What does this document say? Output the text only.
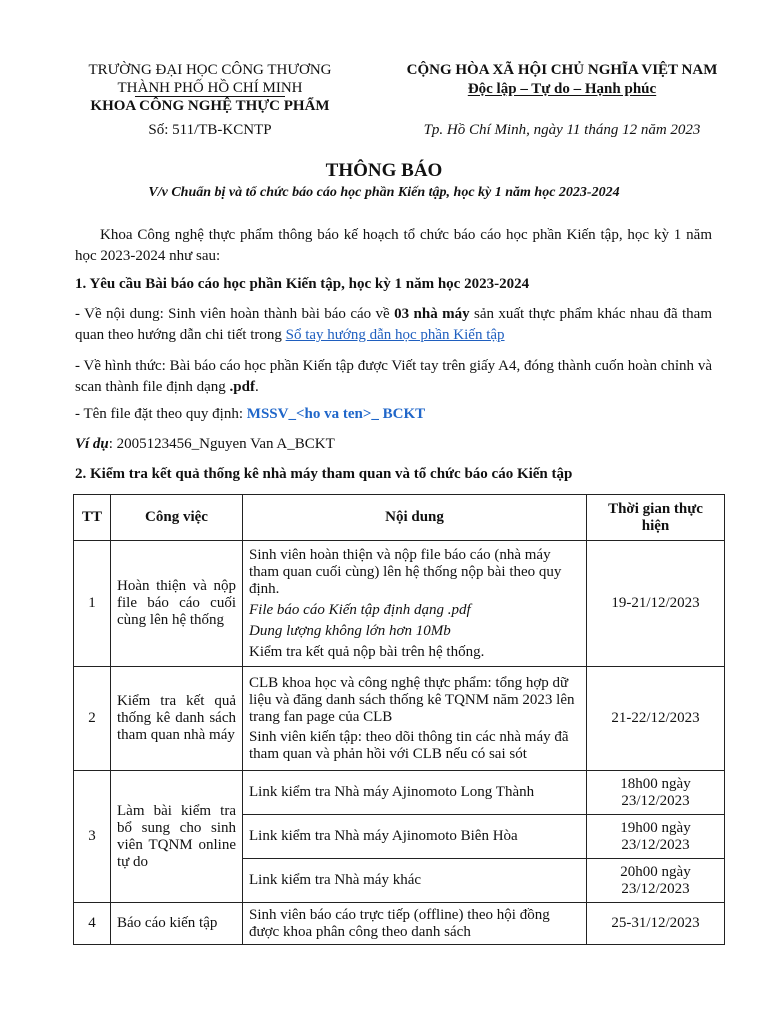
TRƯỜNG ĐẠI HỌC CÔNG THƯƠNG
THÀNH PHỐ HỒ CHÍ MINH
KHOA CÔNG NGHỆ THỰC PHẨM
Số: 511/TB-KCNTP
CỘNG HÒA XÃ HỘI CHỦ NGHĨA VIỆT NAM
Độc lập – Tự do – Hạnh phúc
Tp. Hồ Chí Minh, ngày 11 tháng 12 năm 2023
THÔNG BÁO
V/v Chuẩn bị và tổ chức báo cáo học phần Kiến tập, học kỳ 1 năm học 2023-2024
Khoa Công nghệ thực phẩm thông báo kế hoạch tổ chức báo cáo học phần Kiến tập, học kỳ 1 năm học 2023-2024 như sau:
1. Yêu cầu Bài báo cáo học phần Kiến tập, học kỳ 1 năm học 2023-2024
- Về nội dung: Sinh viên hoàn thành bài báo cáo về 03 nhà máy sản xuất thực phẩm khác nhau đã tham quan theo hướng dẫn chi tiết trong Sổ tay hướng dẫn học phần Kiến tập
- Về hình thức: Bài báo cáo học phần Kiến tập được Viết tay trên giấy A4, đóng thành cuốn hoàn chỉnh và scan thành file định dạng .pdf.
- Tên file đặt theo quy định: MSSV_<ho va ten>_ BCKT
Ví dụ: 2005123456_Nguyen Van A_BCKT
2. Kiểm tra kết quả thống kê nhà máy tham quan và tổ chức báo cáo Kiến tập
TT	Công việc	Nội dung	Thời gian thực hiện
1	Hoàn thiện và nộp file báo cáo cuối cùng lên hệ thống	Sinh viên hoàn thiện và nộp file báo cáo (nhà máy tham quan cuối cùng) lên hệ thống nộp bài theo quy định.
File báo cáo Kiến tập định dạng .pdf
Dung lượng không lớn hơn 10Mb
Kiểm tra kết quả nộp bài trên hệ thống.	19-21/12/2023
2	Kiểm tra kết quả thống kê danh sách tham quan nhà máy	CLB khoa học và công nghệ thực phẩm: tổng hợp dữ liệu và đăng danh sách thống kê TQNM năm 2023 lên trang fan page của CLB
Sinh viên kiến tập: theo dõi thông tin các nhà máy đã tham quan và phản hồi với CLB nếu có sai sót	21-22/12/2023
3	Làm bài kiểm tra bổ sung cho sinh viên TQNM online tự do	Link kiểm tra Nhà máy Ajinomoto Long Thành	18h00 ngày
23/12/2023

		Link kiểm tra Nhà máy Ajinomoto Biên Hòa	19h00 ngày
23/12/2023

		Link kiểm tra Nhà máy khác	20h00 ngày
23/12/2023

4	Báo cáo kiến tập	Sinh viên báo cáo trực tiếp (offline) theo hội đồng được khoa phân công theo danh sách	25-31/12/2023
